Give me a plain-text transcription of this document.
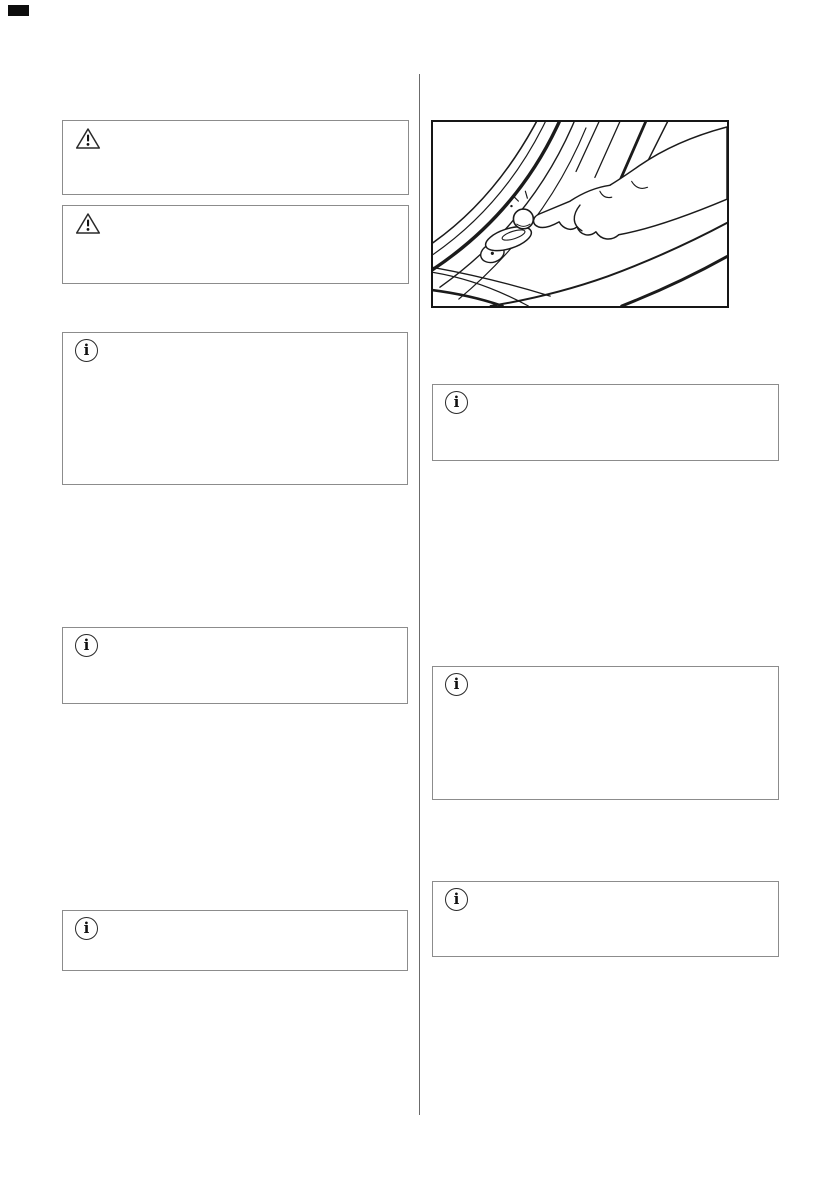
i
i
i
i
i
i
